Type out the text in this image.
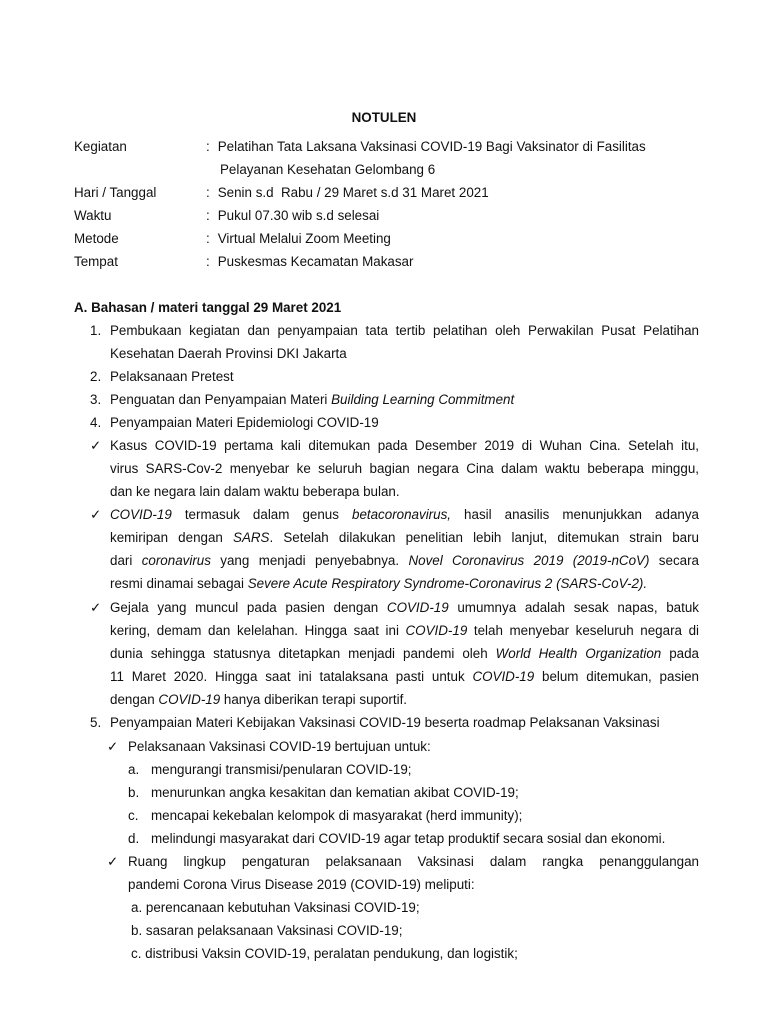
NOTULEN
Kegiatan	: Pelatihan Tata Laksana Vaksinasi COVID-19 Bagi Vaksinator di Fasilitas
Pelayanan Kesehatan Gelombang 6
Hari / Tanggal	: Senin s.d  Rabu / 29 Maret s.d 31 Maret 2021
Waktu	: Pukul 07.30 wib s.d selesai
Metode	: Virtual Melalui Zoom Meeting
Tempat	: Puskesmas Kecamatan Makasar
A. Bahasan / materi tanggal 29 Maret 2021
1. Pembukaan kegiatan dan penyampaian tata tertib pelatihan oleh Perwakilan Pusat Pelatihan
Kesehatan Daerah Provinsi DKI Jakarta
2. Pelaksanaan Pretest
3. Penguatan dan Penyampaian Materi Building Learning Commitment
4. Penyampaian Materi Epidemiologi COVID-19
✓ Kasus COVID-19 pertama kali ditemukan pada Desember 2019 di Wuhan Cina. Setelah itu,
virus SARS-Cov-2 menyebar ke seluruh bagian negara Cina dalam waktu beberapa minggu,
dan ke negara lain dalam waktu beberapa bulan.
✓ COVID-19 termasuk dalam genus betacoronavirus, hasil anasilis menunjukkan adanya
kemiripan dengan SARS. Setelah dilakukan penelitian lebih lanjut, ditemukan strain baru
dari coronavirus yang menjadi penyebabnya. Novel Coronavirus 2019 (2019-nCoV) secara
resmi dinamai sebagai Severe Acute Respiratory Syndrome-Coronavirus 2 (SARS-CoV-2).
✓ Gejala yang muncul pada pasien dengan COVID-19 umumnya adalah sesak napas, batuk
kering, demam dan kelelahan. Hingga saat ini COVID-19 telah menyebar keseluruh negara di
dunia sehingga statusnya ditetapkan menjadi pandemi oleh World Health Organization pada
11 Maret 2020. Hingga saat ini tatalaksana pasti untuk COVID-19 belum ditemukan, pasien
dengan COVID-19 hanya diberikan terapi suportif.
5. Penyampaian Materi Kebijakan Vaksinasi COVID-19 beserta roadmap Pelaksanan Vaksinasi
✓ Pelaksanaan Vaksinasi COVID-19 bertujuan untuk:
a. mengurangi transmisi/penularan COVID-19;
b. menurunkan angka kesakitan dan kematian akibat COVID-19;
c. mencapai kekebalan kelompok di masyarakat (herd immunity);
d. melindungi masyarakat dari COVID-19 agar tetap produktif secara sosial dan ekonomi.
✓ Ruang lingkup pengaturan pelaksanaan Vaksinasi dalam rangka penanggulangan
pandemi Corona Virus Disease 2019 (COVID-19) meliputi:
a. perencanaan kebutuhan Vaksinasi COVID-19;
b. sasaran pelaksanaan Vaksinasi COVID-19;
c. distribusi Vaksin COVID-19, peralatan pendukung, dan logistik;
